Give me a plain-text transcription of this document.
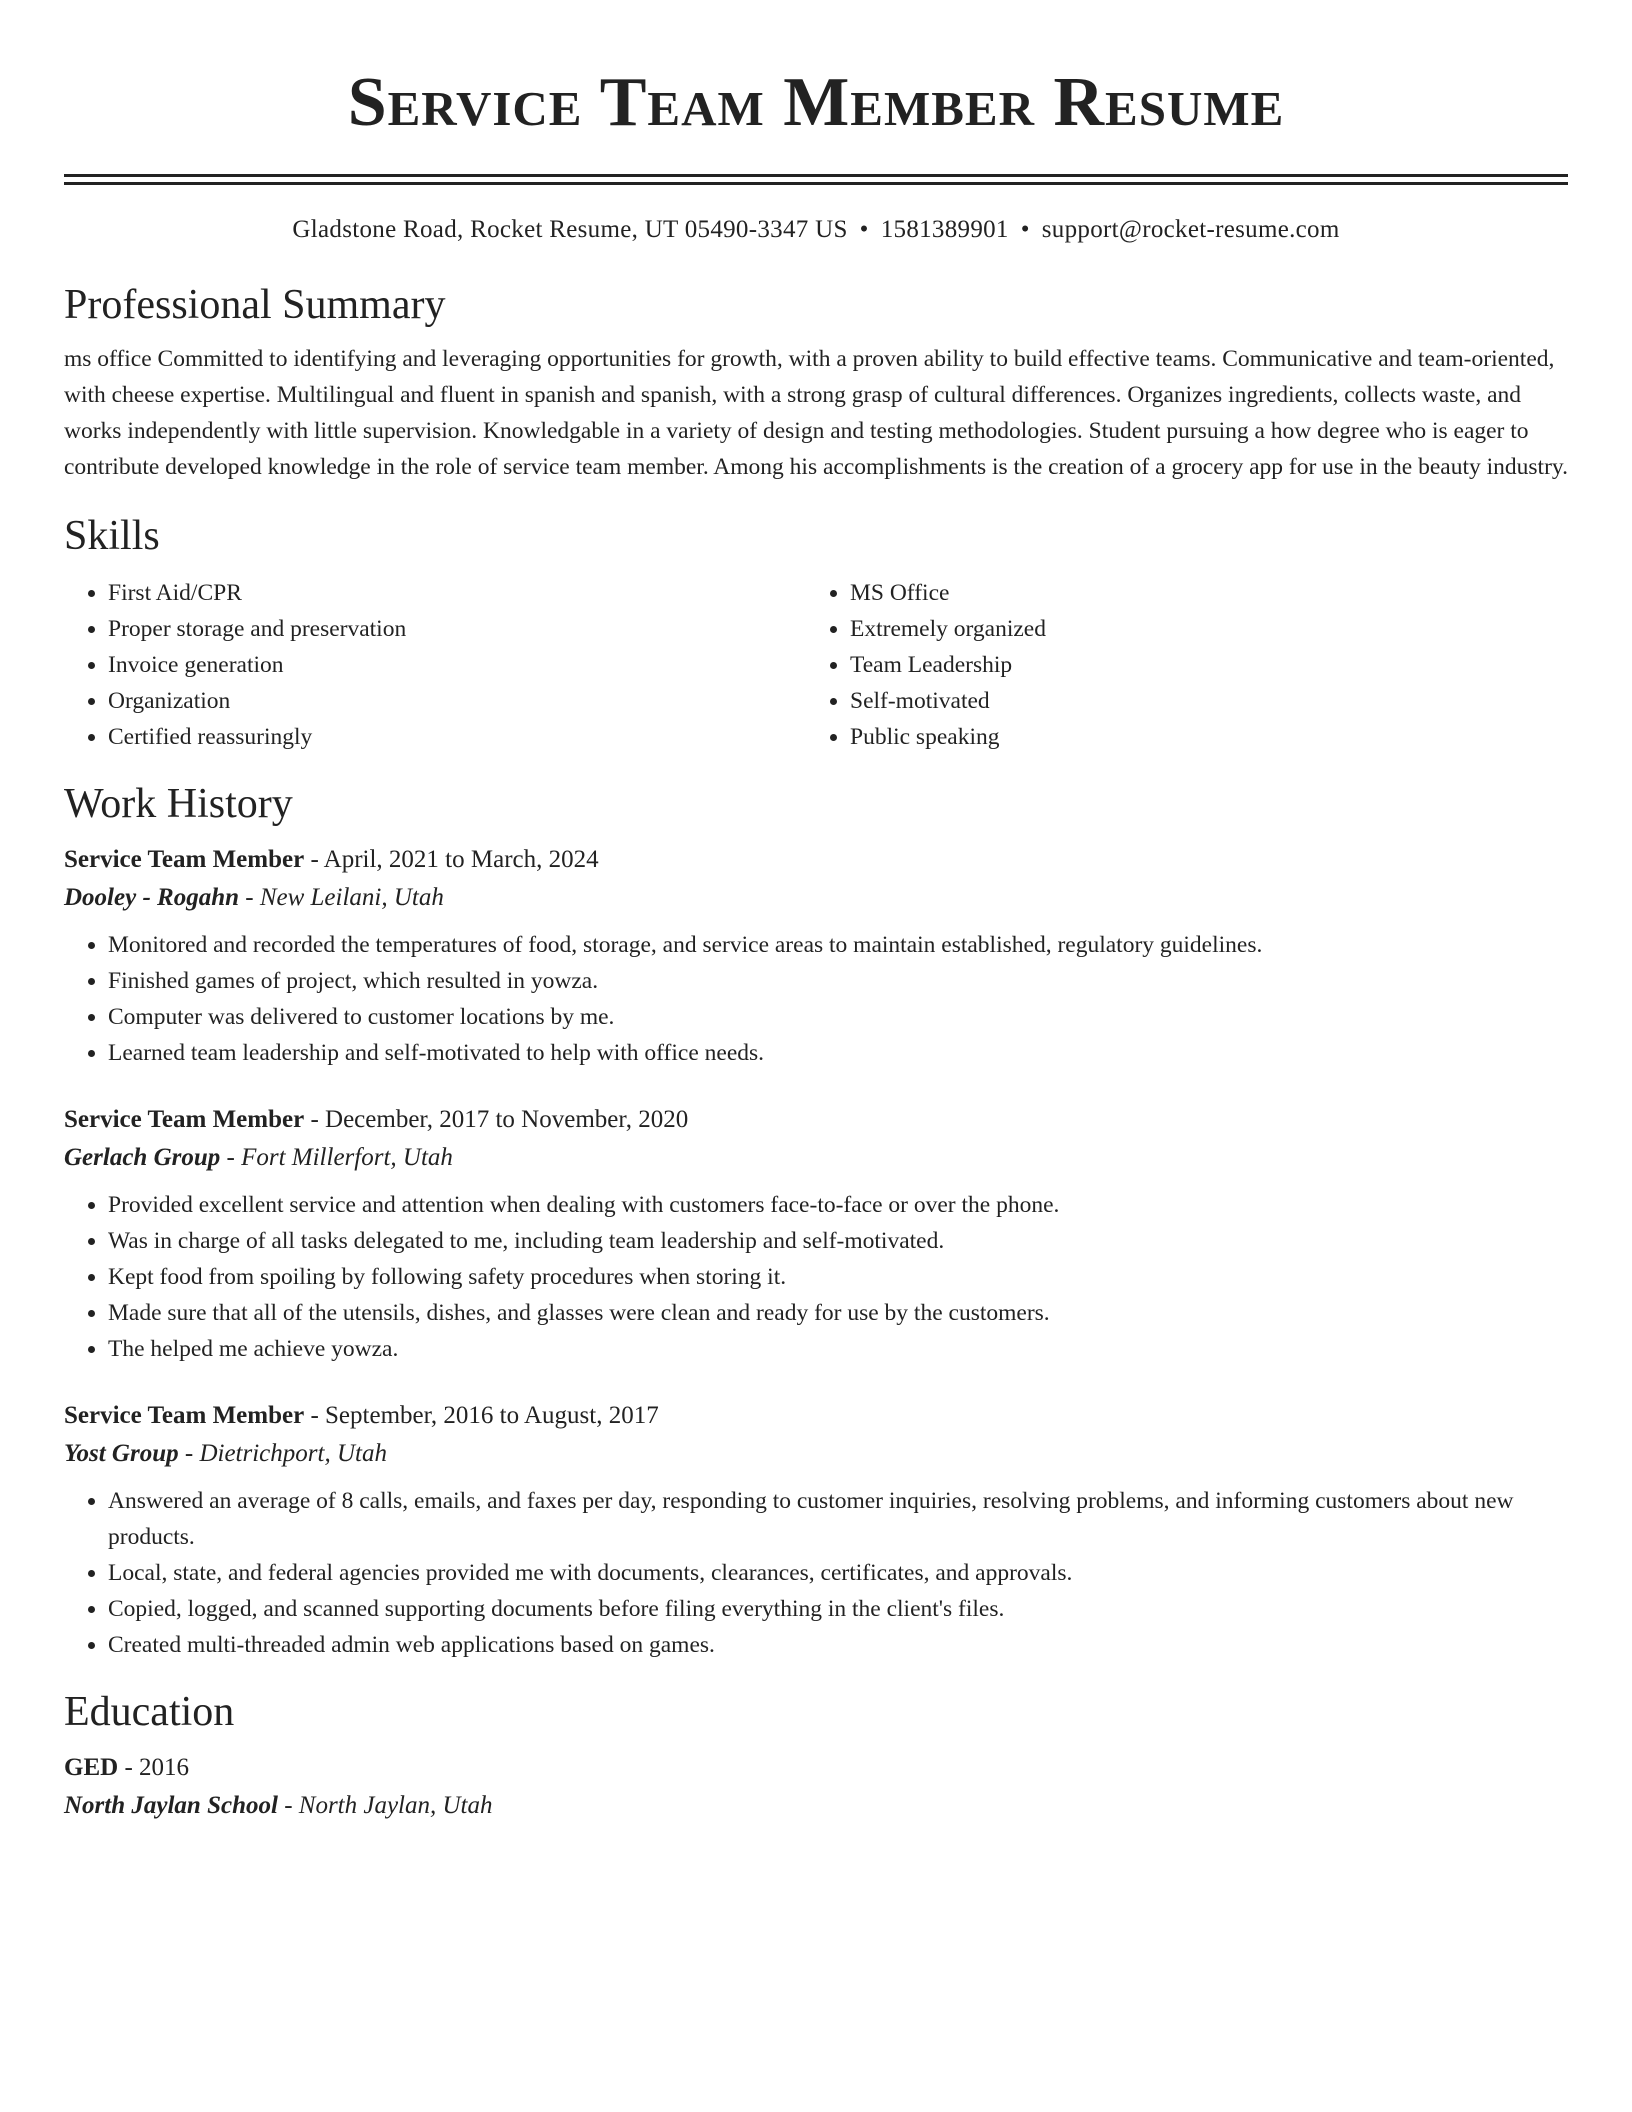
Service Team Member Resume
Gladstone Road, Rocket Resume, UT 05490-3347 US • 1581389901 • support@rocket-resume.com
Professional Summary

ms office Committed to identifying and leveraging opportunities for growth, with a proven ability to build effective teams. Communicative and team-oriented, with cheese expertise. Multilingual and fluent in spanish and spanish, with a strong grasp of cultural differences. Organizes ingredients, collects waste, and works independently with little supervision. Knowledgable in a variety of design and testing methodologies. Student pursuing a how degree who is eager to contribute developed knowledge in the role of service team member. Among his accomplishments is the creation of a grocery app for use in the beauty industry.

Skills
• First Aid/CPR
• Proper storage and preservation
• Invoice generation
• Organization
• Certified reassuringly
• MS Office
• Extremely organized
• Team Leadership
• Self-motivated
• Public speaking
Work History
Service Team Member - April, 2021 to March, 2024
Dooley - Rogahn - New Leilani, Utah
• Monitored and recorded the temperatures of food, storage, and service areas to maintain established, regulatory guidelines.
• Finished games of project, which resulted in yowza.
• Computer was delivered to customer locations by me.
• Learned team leadership and self-motivated to help with office needs.
Service Team Member - December, 2017 to November, 2020
Gerlach Group - Fort Millerfort, Utah
• Provided excellent service and attention when dealing with customers face-to-face or over the phone.
• Was in charge of all tasks delegated to me, including team leadership and self-motivated.
• Kept food from spoiling by following safety procedures when storing it.
• Made sure that all of the utensils, dishes, and glasses were clean and ready for use by the customers.
• The helped me achieve yowza.
Service Team Member - September, 2016 to August, 2017
Yost Group - Dietrichport, Utah
• Answered an average of 8 calls, emails, and faxes per day, responding to customer inquiries, resolving problems, and informing customers about new products.
• Local, state, and federal agencies provided me with documents, clearances, certificates, and approvals.
• Copied, logged, and scanned supporting documents before filing everything in the client's files.
• Created multi-threaded admin web applications based on games.
Education
GED - 2016
North Jaylan School - North Jaylan, Utah
